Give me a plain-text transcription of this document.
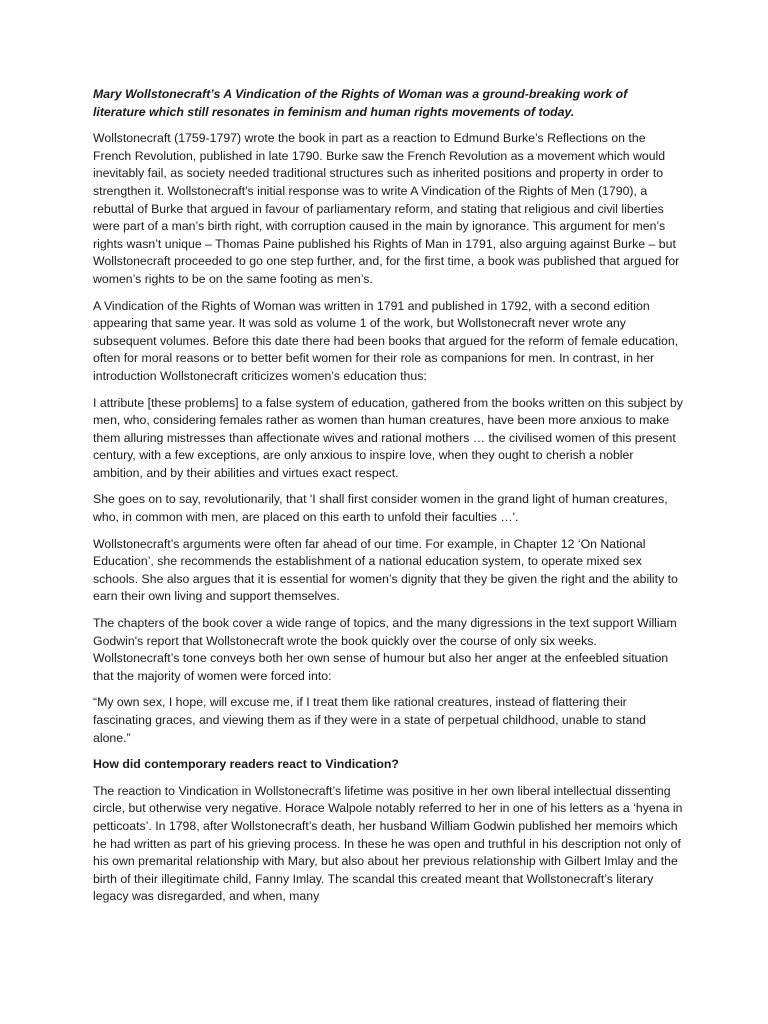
Mary Wollstonecraft’s A Vindication of the Rights of Woman was a ground-breaking work of literature which still resonates in feminism and human rights movements of today.

Wollstonecraft (1759-1797) wrote the book in part as a reaction to Edmund Burke’s Reflections on the French Revolution, published in late 1790. Burke saw the French Revolution as a movement which would inevitably fail, as society needed traditional structures such as inherited positions and property in order to strengthen it. Wollstonecraft's initial response was to write A Vindication of the Rights of Men (1790), a rebuttal of Burke that argued in favour of parliamentary reform, and stating that religious and civil liberties were part of a man’s birth right, with corruption caused in the main by ignorance. This argument for men’s rights wasn’t unique – Thomas Paine published his Rights of Man in 1791, also arguing against Burke – but Wollstonecraft proceeded to go one step further, and, for the first time, a book was published that argued for women’s rights to be on the same footing as men’s.

A Vindication of the Rights of Woman was written in 1791 and published in 1792, with a second edition appearing that same year. It was sold as volume 1 of the work, but Wollstonecraft never wrote any subsequent volumes. Before this date there had been books that argued for the reform of female education, often for moral reasons or to better befit women for their role as companions for men. In contrast, in her introduction Wollstonecraft criticizes women’s education thus:

I attribute [these problems] to a false system of education, gathered from the books written on this subject by men, who, considering females rather as women than human creatures, have been more anxious to make them alluring mistresses than affectionate wives and rational mothers … the civilised women of this present century, with a few exceptions, are only anxious to inspire love, when they ought to cherish a nobler ambition, and by their abilities and virtues exact respect.

She goes on to say, revolutionarily, that 'I shall first consider women in the grand light of human creatures, who, in common with men, are placed on this earth to unfold their faculties …'.

Wollstonecraft’s arguments were often far ahead of our time. For example, in Chapter 12 ‘On National Education’, she recommends the establishment of a national education system, to operate mixed sex schools. She also argues that it is essential for women’s dignity that they be given the right and the ability to earn their own living and support themselves.

The chapters of the book cover a wide range of topics, and the many digressions in the text support William Godwin's report that Wollstonecraft wrote the book quickly over the course of only six weeks. Wollstonecraft’s tone conveys both her own sense of humour but also her anger at the enfeebled situation that the majority of women were forced into:

“My own sex, I hope, will excuse me, if I treat them like rational creatures, instead of flattering their fascinating graces, and viewing them as if they were in a state of perpetual childhood, unable to stand alone.”

How did contemporary readers react to Vindication?

The reaction to Vindication in Wollstonecraft’s lifetime was positive in her own liberal intellectual dissenting circle, but otherwise very negative. Horace Walpole notably referred to her in one of his letters as a ‘hyena in petticoats’. In 1798, after Wollstonecraft’s death, her husband William Godwin published her memoirs which he had written as part of his grieving process. In these he was open and truthful in his description not only of his own premarital relationship with Mary, but also about her previous relationship with Gilbert Imlay and the birth of their illegitimate child, Fanny Imlay. The scandal this created meant that Wollstonecraft’s literary legacy was disregarded, and when, many
